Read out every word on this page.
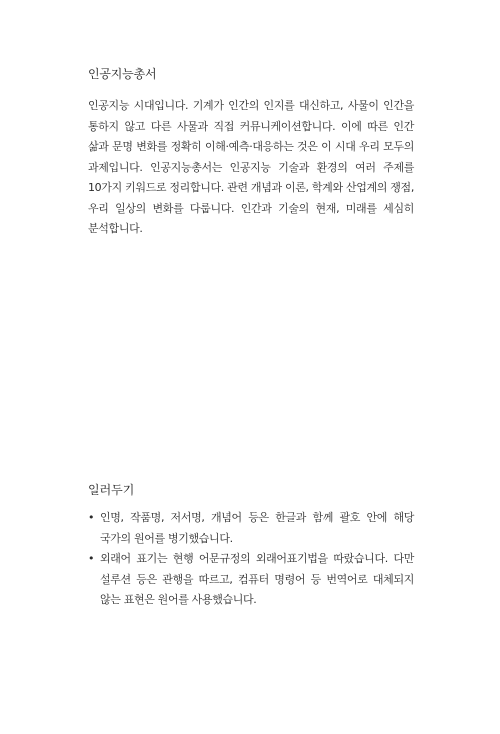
인공지능총서

인공지능 시대입니다. 기계가 인간의 인지를 대신하고, 사물이 인간을 통하지 않고 다른 사물과 직접 커뮤니케이션합니다. 이에 따른 인간 삶과 문명 변화를 정확히 이해·예측·대응하는 것은 이 시대 우리 모두의 과제입니다. 인공지능총서는 인공지능 기술과 환경의 여러 주제를 10가지 키워드로 정리합니다. 관련 개념과 이론, 학계와 산업계의 쟁점, 우리 일상의 변화를 다룹니다. 인간과 기술의 현재, 미래를 세심히 분석합니다.

일러두기
• 인명, 작품명, 저서명, 개념어 등은 한글과 함께 괄호 안에 해당 국가의 원어를 병기했습니다.
• 외래어 표기는 현행 어문규정의 외래어표기법을 따랐습니다. 다만 설루션 등은 관행을 따르고, 컴퓨터 명령어 등 번역어로 대체되지 않는 표현은 원어를 사용했습니다.
